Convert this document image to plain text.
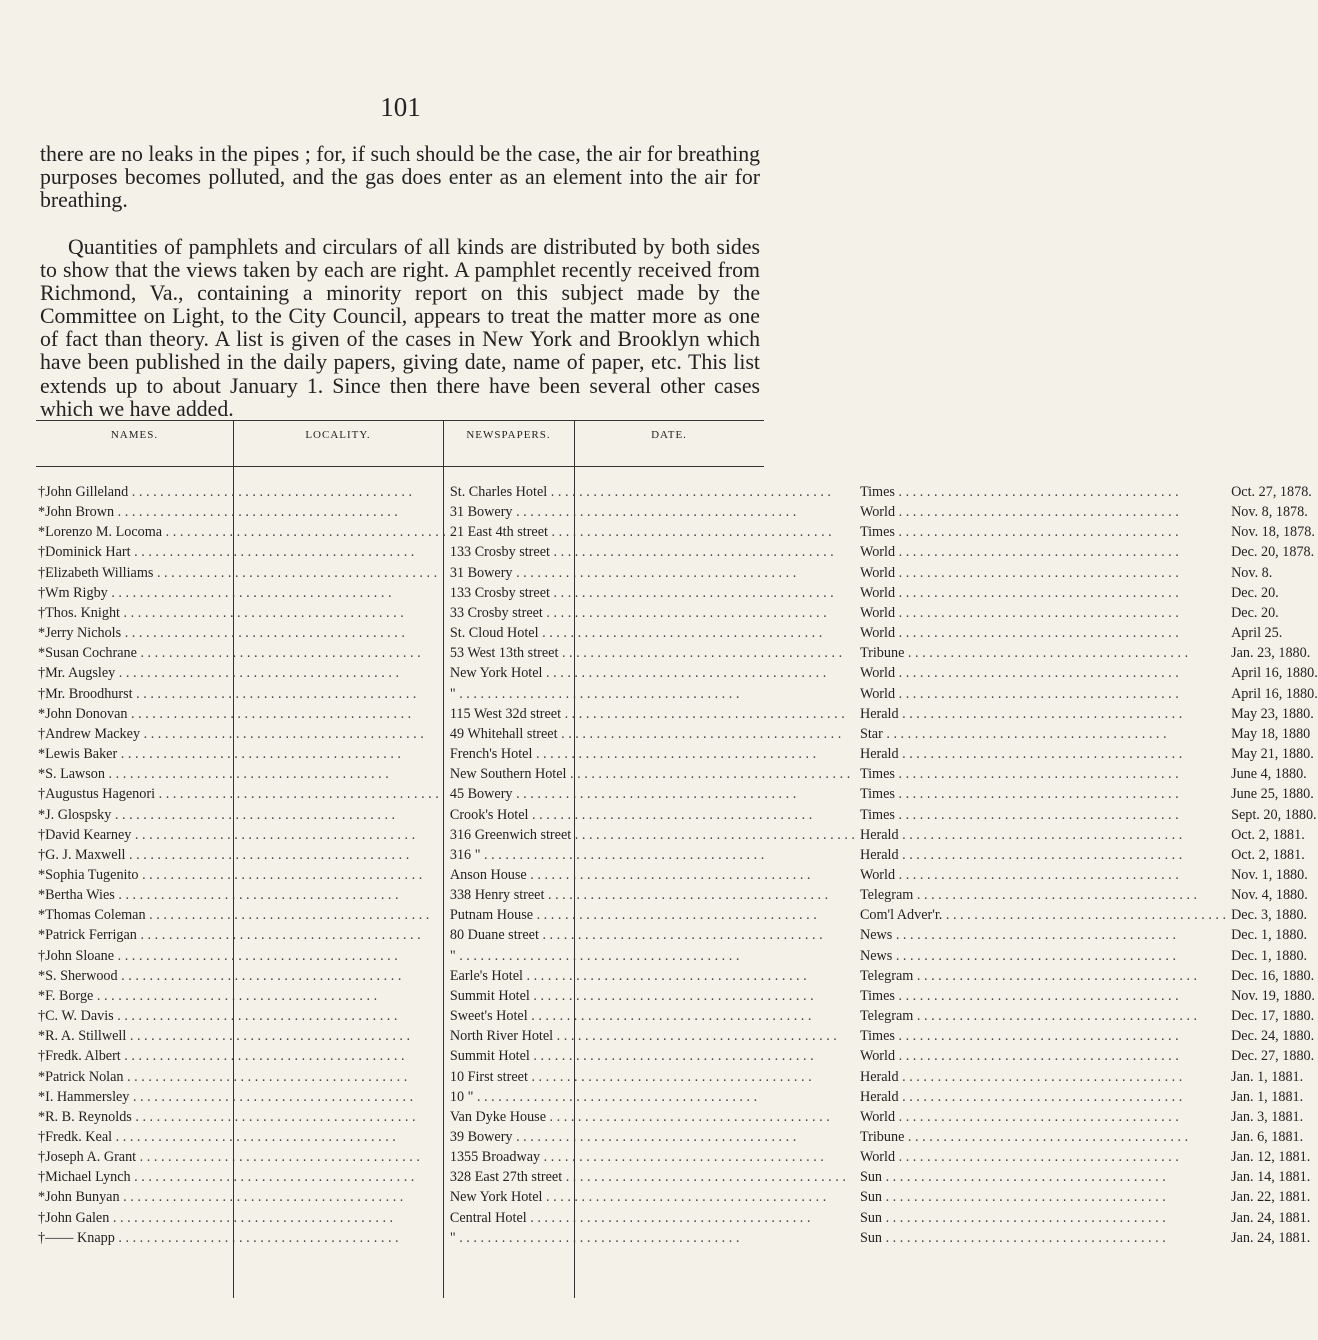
101

there are no leaks in the pipes ; for, if such should be the case, the air for breathing purposes becomes polluted, and the gas does enter as an element into the air for breathing.

Quantities of pamphlets and circulars of all kinds are distributed by both sides to show that the views taken by each are right. A pamphlet recently received from Richmond, Va., containing a minority report on this subject made by the Committee on Light, to the City Council, appears to treat the matter more as one of fact than theory. A list is given of the cases in New York and Brooklyn which have been published in the daily papers, giving date, name of paper, etc. This list extends up to about January 1. Since then there have been several other cases which we have added.

NAMES.	LOCALITY.	NEWSPAPERS.	DATE.
†John Gilleland . . . . . . . . . . . . . . . . . . . . . . . . . . . . . . . . . . . . . . . .	St. Charles Hotel . . . . . . . . . . . . . . . . . . . . . . . . . . . . . . . . . . . . . . . .	Times . . . . . . . . . . . . . . . . . . . . . . . . . . . . . . . . . . . . . . . .	Oct. 27, 1878.
*John Brown . . . . . . . . . . . . . . . . . . . . . . . . . . . . . . . . . . . . . . . .	31 Bowery . . . . . . . . . . . . . . . . . . . . . . . . . . . . . . . . . . . . . . . .	World . . . . . . . . . . . . . . . . . . . . . . . . . . . . . . . . . . . . . . . .	Nov. 8, 1878.
*Lorenzo M. Locoma . . . . . . . . . . . . . . . . . . . . . . . . . . . . . . . . . . . . . . . .	21 East 4th street . . . . . . . . . . . . . . . . . . . . . . . . . . . . . . . . . . . . . . . .	Times . . . . . . . . . . . . . . . . . . . . . . . . . . . . . . . . . . . . . . . .	Nov. 18, 1878.
†Dominick Hart . . . . . . . . . . . . . . . . . . . . . . . . . . . . . . . . . . . . . . . .	133 Crosby street . . . . . . . . . . . . . . . . . . . . . . . . . . . . . . . . . . . . . . . .	World . . . . . . . . . . . . . . . . . . . . . . . . . . . . . . . . . . . . . . . .	Dec. 20, 1878.
†Elizabeth Williams . . . . . . . . . . . . . . . . . . . . . . . . . . . . . . . . . . . . . . . .	31 Bowery . . . . . . . . . . . . . . . . . . . . . . . . . . . . . . . . . . . . . . . .	World . . . . . . . . . . . . . . . . . . . . . . . . . . . . . . . . . . . . . . . .	Nov. 8.
†Wm Rigby . . . . . . . . . . . . . . . . . . . . . . . . . . . . . . . . . . . . . . . .	133 Crosby street . . . . . . . . . . . . . . . . . . . . . . . . . . . . . . . . . . . . . . . .	World . . . . . . . . . . . . . . . . . . . . . . . . . . . . . . . . . . . . . . . .	Dec. 20.
†Thos. Knight . . . . . . . . . . . . . . . . . . . . . . . . . . . . . . . . . . . . . . . .	33 Crosby street . . . . . . . . . . . . . . . . . . . . . . . . . . . . . . . . . . . . . . . .	World . . . . . . . . . . . . . . . . . . . . . . . . . . . . . . . . . . . . . . . .	Dec. 20.
*Jerry Nichols . . . . . . . . . . . . . . . . . . . . . . . . . . . . . . . . . . . . . . . .	St. Cloud Hotel . . . . . . . . . . . . . . . . . . . . . . . . . . . . . . . . . . . . . . . .	World . . . . . . . . . . . . . . . . . . . . . . . . . . . . . . . . . . . . . . . .	April 25.
*Susan Cochrane . . . . . . . . . . . . . . . . . . . . . . . . . . . . . . . . . . . . . . . .	53 West 13th street . . . . . . . . . . . . . . . . . . . . . . . . . . . . . . . . . . . . . . . .	Tribune . . . . . . . . . . . . . . . . . . . . . . . . . . . . . . . . . . . . . . . .	Jan. 23, 1880.
†Mr. Augsley . . . . . . . . . . . . . . . . . . . . . . . . . . . . . . . . . . . . . . . .	New York Hotel . . . . . . . . . . . . . . . . . . . . . . . . . . . . . . . . . . . . . . . .	World . . . . . . . . . . . . . . . . . . . . . . . . . . . . . . . . . . . . . . . .	April 16, 1880.
†Mr. Broodhurst . . . . . . . . . . . . . . . . . . . . . . . . . . . . . . . . . . . . . . . .	" . . . . . . . . . . . . . . . . . . . . . . . . . . . . . . . . . . . . . . . .	World . . . . . . . . . . . . . . . . . . . . . . . . . . . . . . . . . . . . . . . .	April 16, 1880.
*John Donovan . . . . . . . . . . . . . . . . . . . . . . . . . . . . . . . . . . . . . . . .	115 West 32d street . . . . . . . . . . . . . . . . . . . . . . . . . . . . . . . . . . . . . . . .	Herald . . . . . . . . . . . . . . . . . . . . . . . . . . . . . . . . . . . . . . . .	May 23, 1880.
†Andrew Mackey . . . . . . . . . . . . . . . . . . . . . . . . . . . . . . . . . . . . . . . .	49 Whitehall street . . . . . . . . . . . . . . . . . . . . . . . . . . . . . . . . . . . . . . . .	Star . . . . . . . . . . . . . . . . . . . . . . . . . . . . . . . . . . . . . . . .	May 18, 1880
*Lewis Baker . . . . . . . . . . . . . . . . . . . . . . . . . . . . . . . . . . . . . . . .	French's Hotel . . . . . . . . . . . . . . . . . . . . . . . . . . . . . . . . . . . . . . . .	Herald . . . . . . . . . . . . . . . . . . . . . . . . . . . . . . . . . . . . . . . .	May 21, 1880.
*S. Lawson . . . . . . . . . . . . . . . . . . . . . . . . . . . . . . . . . . . . . . . .	New Southern Hotel . . . . . . . . . . . . . . . . . . . . . . . . . . . . . . . . . . . . . . . .	Times . . . . . . . . . . . . . . . . . . . . . . . . . . . . . . . . . . . . . . . .	June 4, 1880.
†Augustus Hagenori . . . . . . . . . . . . . . . . . . . . . . . . . . . . . . . . . . . . . . . .	45 Bowery . . . . . . . . . . . . . . . . . . . . . . . . . . . . . . . . . . . . . . . .	Times . . . . . . . . . . . . . . . . . . . . . . . . . . . . . . . . . . . . . . . .	June 25, 1880.
*J. Glospsky . . . . . . . . . . . . . . . . . . . . . . . . . . . . . . . . . . . . . . . .	Crook's Hotel . . . . . . . . . . . . . . . . . . . . . . . . . . . . . . . . . . . . . . . .	Times . . . . . . . . . . . . . . . . . . . . . . . . . . . . . . . . . . . . . . . .	Sept. 20, 1880.
†David Kearney . . . . . . . . . . . . . . . . . . . . . . . . . . . . . . . . . . . . . . . .	316 Greenwich street . . . . . . . . . . . . . . . . . . . . . . . . . . . . . . . . . . . . . . . .	Herald . . . . . . . . . . . . . . . . . . . . . . . . . . . . . . . . . . . . . . . .	Oct. 2, 1881.
†G. J. Maxwell . . . . . . . . . . . . . . . . . . . . . . . . . . . . . . . . . . . . . . . .	316 " . . . . . . . . . . . . . . . . . . . . . . . . . . . . . . . . . . . . . . . .	Herald . . . . . . . . . . . . . . . . . . . . . . . . . . . . . . . . . . . . . . . .	Oct. 2, 1881.
*Sophia Tugenito . . . . . . . . . . . . . . . . . . . . . . . . . . . . . . . . . . . . . . . .	Anson House . . . . . . . . . . . . . . . . . . . . . . . . . . . . . . . . . . . . . . . .	World . . . . . . . . . . . . . . . . . . . . . . . . . . . . . . . . . . . . . . . .	Nov. 1, 1880.
*Bertha Wies . . . . . . . . . . . . . . . . . . . . . . . . . . . . . . . . . . . . . . . .	338 Henry street . . . . . . . . . . . . . . . . . . . . . . . . . . . . . . . . . . . . . . . .	Telegram . . . . . . . . . . . . . . . . . . . . . . . . . . . . . . . . . . . . . . . .	Nov. 4, 1880.
*Thomas Coleman . . . . . . . . . . . . . . . . . . . . . . . . . . . . . . . . . . . . . . . .	Putnam House . . . . . . . . . . . . . . . . . . . . . . . . . . . . . . . . . . . . . . . .	Com'l Adver'r. . . . . . . . . . . . . . . . . . . . . . . . . . . . . . . . . . . . . . . . .	Dec. 3, 1880.
*Patrick Ferrigan . . . . . . . . . . . . . . . . . . . . . . . . . . . . . . . . . . . . . . . .	80 Duane street . . . . . . . . . . . . . . . . . . . . . . . . . . . . . . . . . . . . . . . .	News . . . . . . . . . . . . . . . . . . . . . . . . . . . . . . . . . . . . . . . .	Dec. 1, 1880.
†John Sloane . . . . . . . . . . . . . . . . . . . . . . . . . . . . . . . . . . . . . . . .	" . . . . . . . . . . . . . . . . . . . . . . . . . . . . . . . . . . . . . . . .	News . . . . . . . . . . . . . . . . . . . . . . . . . . . . . . . . . . . . . . . .	Dec. 1, 1880.
*S. Sherwood . . . . . . . . . . . . . . . . . . . . . . . . . . . . . . . . . . . . . . . .	Earle's Hotel . . . . . . . . . . . . . . . . . . . . . . . . . . . . . . . . . . . . . . . .	Telegram . . . . . . . . . . . . . . . . . . . . . . . . . . . . . . . . . . . . . . . .	Dec. 16, 1880.
*F. Borge . . . . . . . . . . . . . . . . . . . . . . . . . . . . . . . . . . . . . . . .	Summit Hotel . . . . . . . . . . . . . . . . . . . . . . . . . . . . . . . . . . . . . . . .	Times . . . . . . . . . . . . . . . . . . . . . . . . . . . . . . . . . . . . . . . .	Nov. 19, 1880.
†C. W. Davis . . . . . . . . . . . . . . . . . . . . . . . . . . . . . . . . . . . . . . . .	Sweet's Hotel . . . . . . . . . . . . . . . . . . . . . . . . . . . . . . . . . . . . . . . .	Telegram . . . . . . . . . . . . . . . . . . . . . . . . . . . . . . . . . . . . . . . .	Dec. 17, 1880.
*R. A. Stillwell . . . . . . . . . . . . . . . . . . . . . . . . . . . . . . . . . . . . . . . .	North River Hotel . . . . . . . . . . . . . . . . . . . . . . . . . . . . . . . . . . . . . . . .	Times . . . . . . . . . . . . . . . . . . . . . . . . . . . . . . . . . . . . . . . .	Dec. 24, 1880.
†Fredk. Albert . . . . . . . . . . . . . . . . . . . . . . . . . . . . . . . . . . . . . . . .	Summit Hotel . . . . . . . . . . . . . . . . . . . . . . . . . . . . . . . . . . . . . . . .	World . . . . . . . . . . . . . . . . . . . . . . . . . . . . . . . . . . . . . . . .	Dec. 27, 1880.
*Patrick Nolan . . . . . . . . . . . . . . . . . . . . . . . . . . . . . . . . . . . . . . . .	10 First street . . . . . . . . . . . . . . . . . . . . . . . . . . . . . . . . . . . . . . . .	Herald . . . . . . . . . . . . . . . . . . . . . . . . . . . . . . . . . . . . . . . .	Jan. 1, 1881.
*I. Hammersley . . . . . . . . . . . . . . . . . . . . . . . . . . . . . . . . . . . . . . . .	10 " . . . . . . . . . . . . . . . . . . . . . . . . . . . . . . . . . . . . . . . .	Herald . . . . . . . . . . . . . . . . . . . . . . . . . . . . . . . . . . . . . . . .	Jan. 1, 1881.
*R. B. Reynolds . . . . . . . . . . . . . . . . . . . . . . . . . . . . . . . . . . . . . . . .	Van Dyke House . . . . . . . . . . . . . . . . . . . . . . . . . . . . . . . . . . . . . . . .	World . . . . . . . . . . . . . . . . . . . . . . . . . . . . . . . . . . . . . . . .	Jan. 3, 1881.
†Fredk. Keal . . . . . . . . . . . . . . . . . . . . . . . . . . . . . . . . . . . . . . . .	39 Bowery . . . . . . . . . . . . . . . . . . . . . . . . . . . . . . . . . . . . . . . .	Tribune . . . . . . . . . . . . . . . . . . . . . . . . . . . . . . . . . . . . . . . .	Jan. 6, 1881.
†Joseph A. Grant . . . . . . . . . . . . . . . . . . . . . . . . . . . . . . . . . . . . . . . .	1355 Broadway . . . . . . . . . . . . . . . . . . . . . . . . . . . . . . . . . . . . . . . .	World . . . . . . . . . . . . . . . . . . . . . . . . . . . . . . . . . . . . . . . .	Jan. 12, 1881.
†Michael Lynch . . . . . . . . . . . . . . . . . . . . . . . . . . . . . . . . . . . . . . . .	328 East 27th street . . . . . . . . . . . . . . . . . . . . . . . . . . . . . . . . . . . . . . . .	Sun . . . . . . . . . . . . . . . . . . . . . . . . . . . . . . . . . . . . . . . .	Jan. 14, 1881.
*John Bunyan . . . . . . . . . . . . . . . . . . . . . . . . . . . . . . . . . . . . . . . .	New York Hotel . . . . . . . . . . . . . . . . . . . . . . . . . . . . . . . . . . . . . . . .	Sun . . . . . . . . . . . . . . . . . . . . . . . . . . . . . . . . . . . . . . . .	Jan. 22, 1881.
†John Galen . . . . . . . . . . . . . . . . . . . . . . . . . . . . . . . . . . . . . . . .	Central Hotel . . . . . . . . . . . . . . . . . . . . . . . . . . . . . . . . . . . . . . . .	Sun . . . . . . . . . . . . . . . . . . . . . . . . . . . . . . . . . . . . . . . .	Jan. 24, 1881.
†—— Knapp . . . . . . . . . . . . . . . . . . . . . . . . . . . . . . . . . . . . . . . .	" . . . . . . . . . . . . . . . . . . . . . . . . . . . . . . . . . . . . . . . .	Sun . . . . . . . . . . . . . . . . . . . . . . . . . . . . . . . . . . . . . . . .	Jan. 24, 1881.
